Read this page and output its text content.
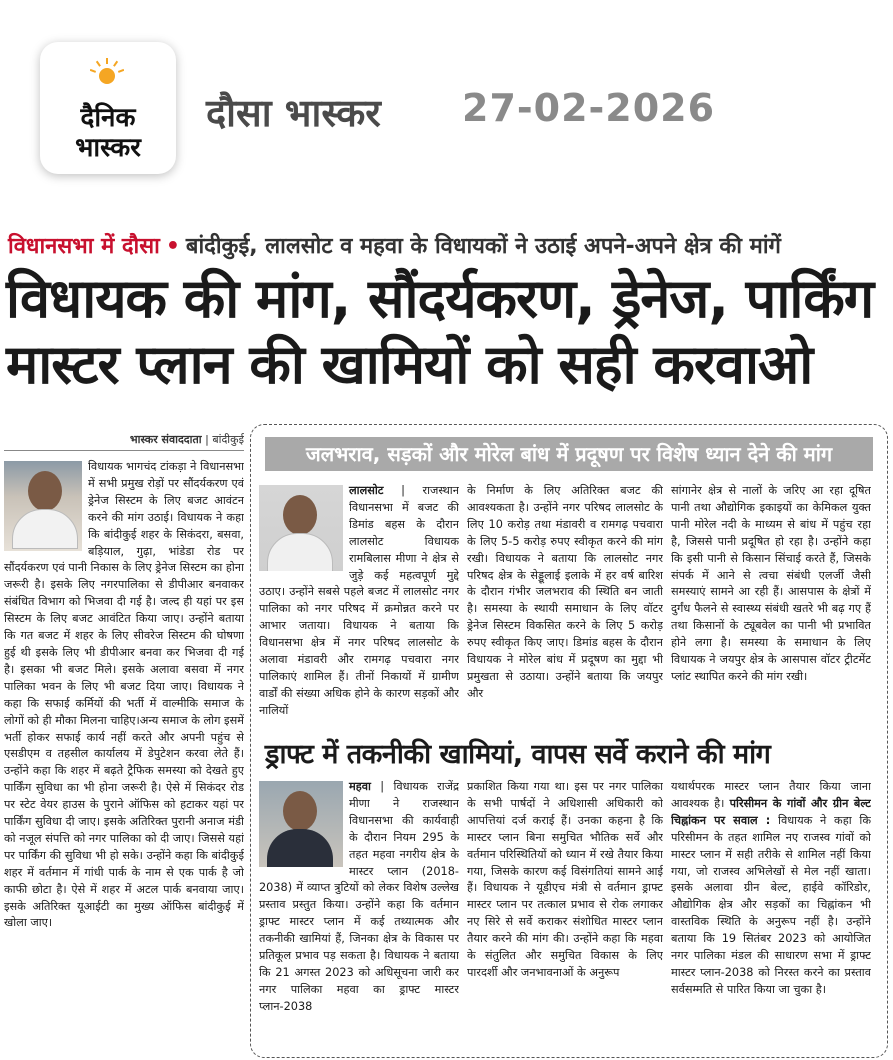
दैनिक
भास्कर
दौसा भास्कर 27-02-2026
विधानसभा में दौसा • बांदीकुई, लालसोट व महवा के विधायकों ने उठाई अपने-अपने क्षेत्र की मांगें
विधायक की मांग, सौंदर्यकरण, ड्रेनेज, पार्किंग मास्टर प्लान की खामियों को सही करवाओ
भास्कर संवाददाता | बांदीकुई

विधायक भागचंद टांकड़ा ने विधानसभा में सभी प्रमुख रोड़ों पर सौंदर्यकरण एवं ड्रेनेज सिस्टम के लिए बजट आवंटन करने की मांग उठाई। विधायक ने कहा कि बांदीकुई शहर के सिकंदरा, बसवा, बड़ियाल, गुढ़ा, भांडेडा रोड पर सौंदर्यकरण एवं पानी निकास के लिए ड्रेनेज सिस्टम का होना जरूरी है। इसके लिए नगरपालिका से डीपीआर बनवाकर संबंधित विभाग को भिजवा दी गई है। जल्द ही यहां पर इस सिस्टम के लिए बजट आवंटित किया जाए। उन्होंने बताया कि गत बजट में शहर के लिए सीवरेज सिस्टम की घोषणा हुई थी इसके लिए भी डीपीआर बनवा कर भिजवा दी गई है। इसका भी बजट मिले। इसके अलावा बसवा में नगर पालिका भवन के लिए भी बजट दिया जाए। विधायक ने कहा कि सफाई कर्मियों की भर्ती में वाल्मीकि समाज के लोगों को ही मौका मिलना चाहिए।अन्य समाज के लोग इसमें भर्ती होकर सफाई कार्य नहीं करते और अपनी पहुंच से एसडीएम व तहसील कार्यालय में डेपुटेशन करवा लेते हैं। उन्होंने कहा कि शहर में बढ़ते ट्रैफिक समस्या को देखते हुए पार्किंग सुविधा का भी होना जरूरी है। ऐसे में सिकंदर रोड पर स्टेट वेयर हाउस के पुराने ऑफिस को हटाकर यहां पर पार्किंग सुविधा दी जाए। इसके अतिरिक्त पुरानी अनाज मंडी को नजूल संपत्ति को नगर पालिका को दी जाए। जिससे यहां पर पार्किंग की सुविधा भी हो सके। उन्होंने कहा कि बांदीकुई शहर में वर्तमान में गांधी पार्क के नाम से एक पार्क है जो काफी छोटा है। ऐसे में शहर में अटल पार्क बनवाया जाए। इसके अतिरिक्त यूआईटी का मुख्य ऑफिस बांदीकुई में खोला जाए।

जलभराव, सड़कों और मोरेल बांध में प्रदूषण पर विशेष ध्यान देने की मांग
लालसोट | राजस्थान विधानसभा में बजट की डिमांड बहस के दौरान लालसोट विधायक रामबिलास मीणा ने क्षेत्र से जुड़े कई महत्वपूर्ण मुद्दे उठाए। उन्होंने सबसे पहले बजट में लालसोट नगर पालिका को नगर परिषद में क्रमोन्नत करने पर आभार जताया। विधायक ने बताया कि विधानसभा क्षेत्र में नगर परिषद लालसोट के अलावा मंडावरी और रामगढ़ पचवारा नगर पालिकाएं शामिल हैं। तीनों निकायों में ग्रामीण वार्डों की संख्या अधिक होने के कारण सड़कों और नालियों
के निर्माण के लिए अतिरिक्त बजट की आवश्यकता है। उन्होंने नगर परिषद लालसोट के लिए 10 करोड़ तथा मंडावरी व रामगढ़ पचवारा के लिए 5-5 करोड़ रुपए स्वीकृत करने की मांग रखी। विधायक ने बताया कि लालसोट नगर परिषद क्षेत्र के सेड्डूलाई इलाके में हर वर्ष बारिश के दौरान गंभीर जलभराव की स्थिति बन जाती है। समस्या के स्थायी समाधान के लिए वॉटर ड्रेनेज सिस्टम विकसित करने के लिए 5 करोड़ रुपए स्वीकृत किए जाए। डिमांड बहस के दौरान विधायक ने मोरेल बांध में प्रदूषण का मुद्दा भी प्रमुखता से उठाया। उन्होंने बताया कि जयपुर और
सांगानेर क्षेत्र से नालों के जरिए आ रहा दूषित पानी तथा औद्योगिक इकाइयों का केमिकल युक्त पानी मोरेल नदी के माध्यम से बांध में पहुंच रहा है, जिससे पानी प्रदूषित हो रहा है। उन्होंने कहा कि इसी पानी से किसान सिंचाई करते हैं, जिसके संपर्क में आने से त्वचा संबंधी एलर्जी जैसी समस्याएं सामने आ रही हैं। आसपास के क्षेत्रों में दुर्गंध फैलने से स्वास्थ्य संबंधी खतरे भी बढ़ गए हैं तथा किसानों के ट्यूबवेल का पानी भी प्रभावित होने लगा है। समस्या के समाधान के लिए विधायक ने जयपुर क्षेत्र के आसपास वॉटर ट्रीटमेंट प्लांट स्थापित करने की मांग रखी।
ड्राफ्ट में तकनीकी खामियां, वापस सर्वे कराने की मांग
महवा | विधायक राजेंद्र मीणा ने राजस्थान विधानसभा की कार्यवाही के दौरान नियम 295 के तहत महवा नगरीय क्षेत्र के मास्टर प्लान (2018-2038) में व्याप्त त्रुटियों को लेकर विशेष उल्लेख प्रस्ताव प्रस्तुत किया। उन्होंने कहा कि वर्तमान ड्राफ्ट मास्टर प्लान में कई तथ्यात्मक और तकनीकी खामियां हैं, जिनका क्षेत्र के विकास पर प्रतिकूल प्रभाव पड़ सकता है। विधायक ने बताया कि 21 अगस्त 2023 को अधिसूचना जारी कर नगर पालिका महवा का ड्राफ्ट मास्टर प्लान-2038
प्रकाशित किया गया था। इस पर नगर पालिका के सभी पार्षदों ने अधिशासी अधिकारी को आपत्तियां दर्ज कराई हैं। उनका कहना है कि मास्टर प्लान बिना समुचित भौतिक सर्वे और वर्तमान परिस्थितियों को ध्यान में रखे तैयार किया गया, जिसके कारण कई विसंगतियां सामने आई हैं। विधायक ने यूडीएच मंत्री से वर्तमान ड्राफ्ट मास्टर प्लान पर तत्काल प्रभाव से रोक लगाकर नए सिरे से सर्वे कराकर संशोधित मास्टर प्लान तैयार करने की मांग की। उन्होंने कहा कि महवा के संतुलित और समुचित विकास के लिए पारदर्शी और जनभावनाओं के अनुरूप
यथार्थपरक मास्टर प्लान तैयार किया जाना आवश्यक है। परिसीमन के गांवों और ग्रीन बेल्ट चिह्नांकन पर सवाल : विधायक ने कहा कि परिसीमन के तहत शामिल नए राजस्व गांवों को मास्टर प्लान में सही तरीके से शामिल नहीं किया गया, जो राजस्व अभिलेखों से मेल नहीं खाता। इसके अलावा ग्रीन बेल्ट, हाईवे कॉरिडोर, औद्योगिक क्षेत्र और सड़कों का चिह्नांकन भी वास्तविक स्थिति के अनुरूप नहीं है। उन्होंने बताया कि 19 सितंबर 2023 को आयोजित नगर पालिका मंडल की साधारण सभा में ड्राफ्ट मास्टर प्लान-2038 को निरस्त करने का प्रस्ताव सर्वसम्मति से पारित किया जा चुका है।
